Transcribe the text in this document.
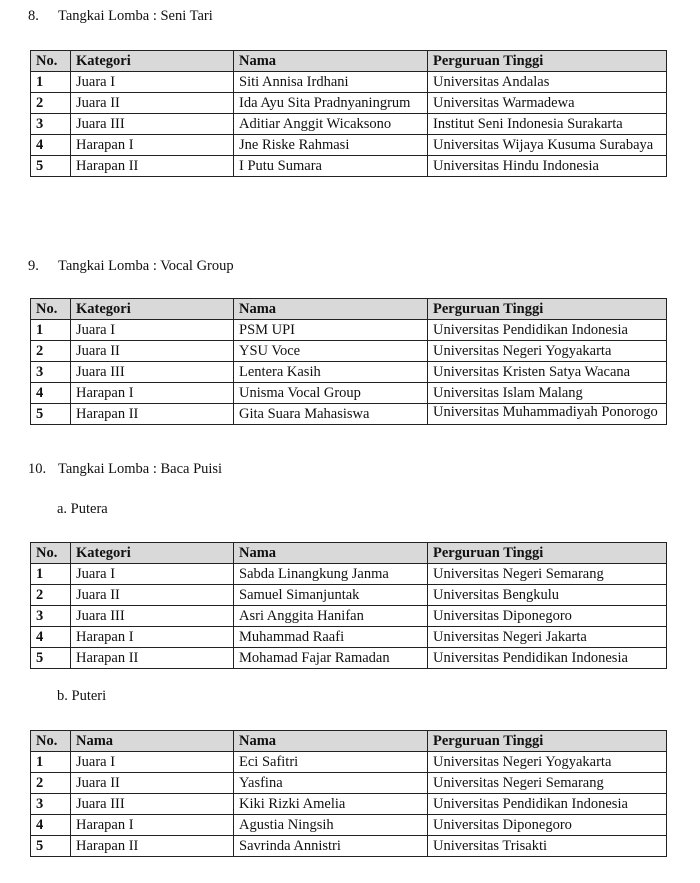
8. Tangkai Lomba : Seni Tari
No.	Kategori	Nama	Perguruan Tinggi
1	Juara I	Siti Annisa Irdhani	Universitas Andalas
2	Juara II	Ida Ayu Sita Pradnyaningrum	Universitas Warmadewa
3	Juara III	Aditiar Anggit Wicaksono	Institut Seni Indonesia Surakarta
4	Harapan I	Jne Riske Rahmasi	Universitas Wijaya Kusuma Surabaya
5	Harapan II	I Putu Sumara	Universitas Hindu Indonesia
9. Tangkai Lomba : Vocal Group
No.	Kategori	Nama	Perguruan Tinggi
1	Juara I	PSM UPI	Universitas Pendidikan Indonesia
2	Juara II	YSU Voce	Universitas Negeri Yogyakarta
3	Juara III	Lentera Kasih	Universitas Kristen Satya Wacana
4	Harapan I	Unisma Vocal Group	Universitas Islam Malang
5	Harapan II	Gita Suara Mahasiswa	Universitas Muhammadiyah Ponorogo
10. Tangkai Lomba : Baca Puisi
a. Putera
No.	Kategori	Nama	Perguruan Tinggi
1	Juara I	Sabda Linangkung Janma	Universitas Negeri Semarang
2	Juara II	Samuel Simanjuntak	Universitas Bengkulu
3	Juara III	Asri Anggita Hanifan	Universitas Diponegoro
4	Harapan I	Muhammad Raafi	Universitas Negeri Jakarta
5	Harapan II	Mohamad Fajar Ramadan	Universitas Pendidikan Indonesia
b. Puteri
No.	Nama	Nama	Perguruan Tinggi
1	Juara I	Eci Safitri	Universitas Negeri Yogyakarta
2	Juara II	Yasfina	Universitas Negeri Semarang
3	Juara III	Kiki Rizki Amelia	Universitas Pendidikan Indonesia
4	Harapan I	Agustia Ningsih	Universitas Diponegoro
5	Harapan II	Savrinda Annistri	Universitas Trisakti
